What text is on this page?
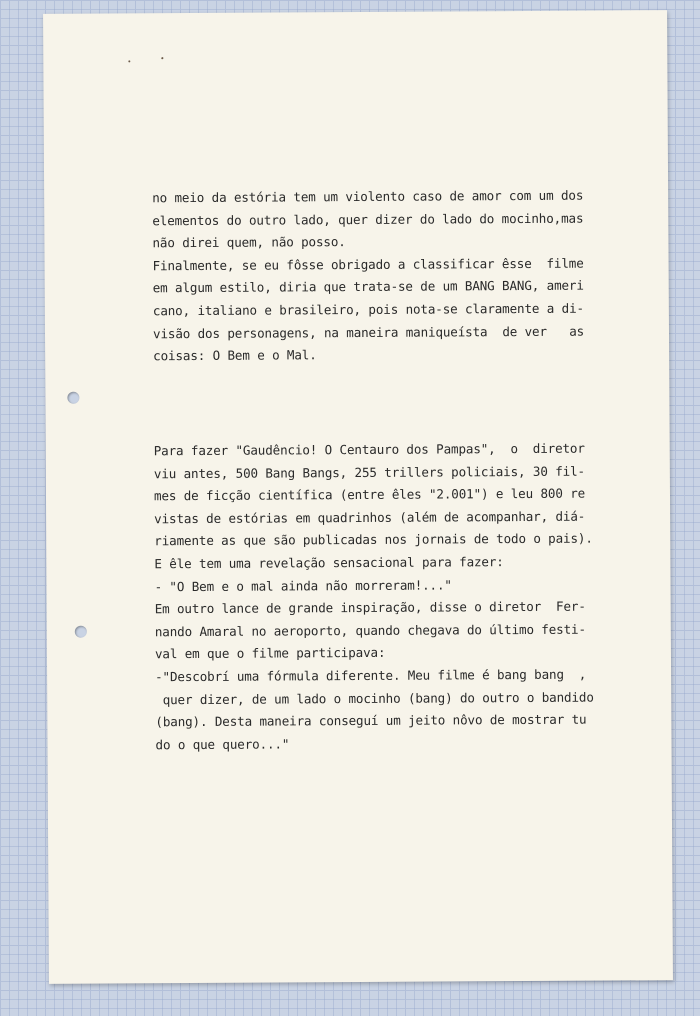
no meio da estória tem um violento caso de amor com um dos
elementos do outro lado, quer dizer do lado do mocinho,mas
não direi quem, não posso.
Finalmente, se eu fôsse obrigado a classificar êsse  filme
em algum estilo, diria que trata-se de um BANG BANG, ameri
cano, italiano e brasileiro, pois nota-se claramente a di-
visão dos personagens, na maneira maniqueísta  de ver   as
coisas: O Bem e o Mal.
Para fazer "Gaudêncio! O Centauro dos Pampas",  o  diretor
viu antes, 500 Bang Bangs, 255 trillers policiais, 30 fil-
mes de ficção científica (entre êles "2.001") e leu 800 re
vistas de estórias em quadrinhos (além de acompanhar, diá-
riamente as que são publicadas nos jornais de todo o pais).
E êle tem uma revelação sensacional para fazer:
- "O Bem e o mal ainda não morreram!..."
Em outro lance de grande inspiração, disse o diretor  Fer-
nando Amaral no aeroporto, quando chegava do último festi-
val em que o filme participava:
-"Descobrí uma fórmula diferente. Meu filme é bang bang  ,
quer dizer, de um lado o mocinho (bang) do outro o bandido
(bang). Desta maneira conseguí um jeito nôvo de mostrar tu
do o que quero..."
